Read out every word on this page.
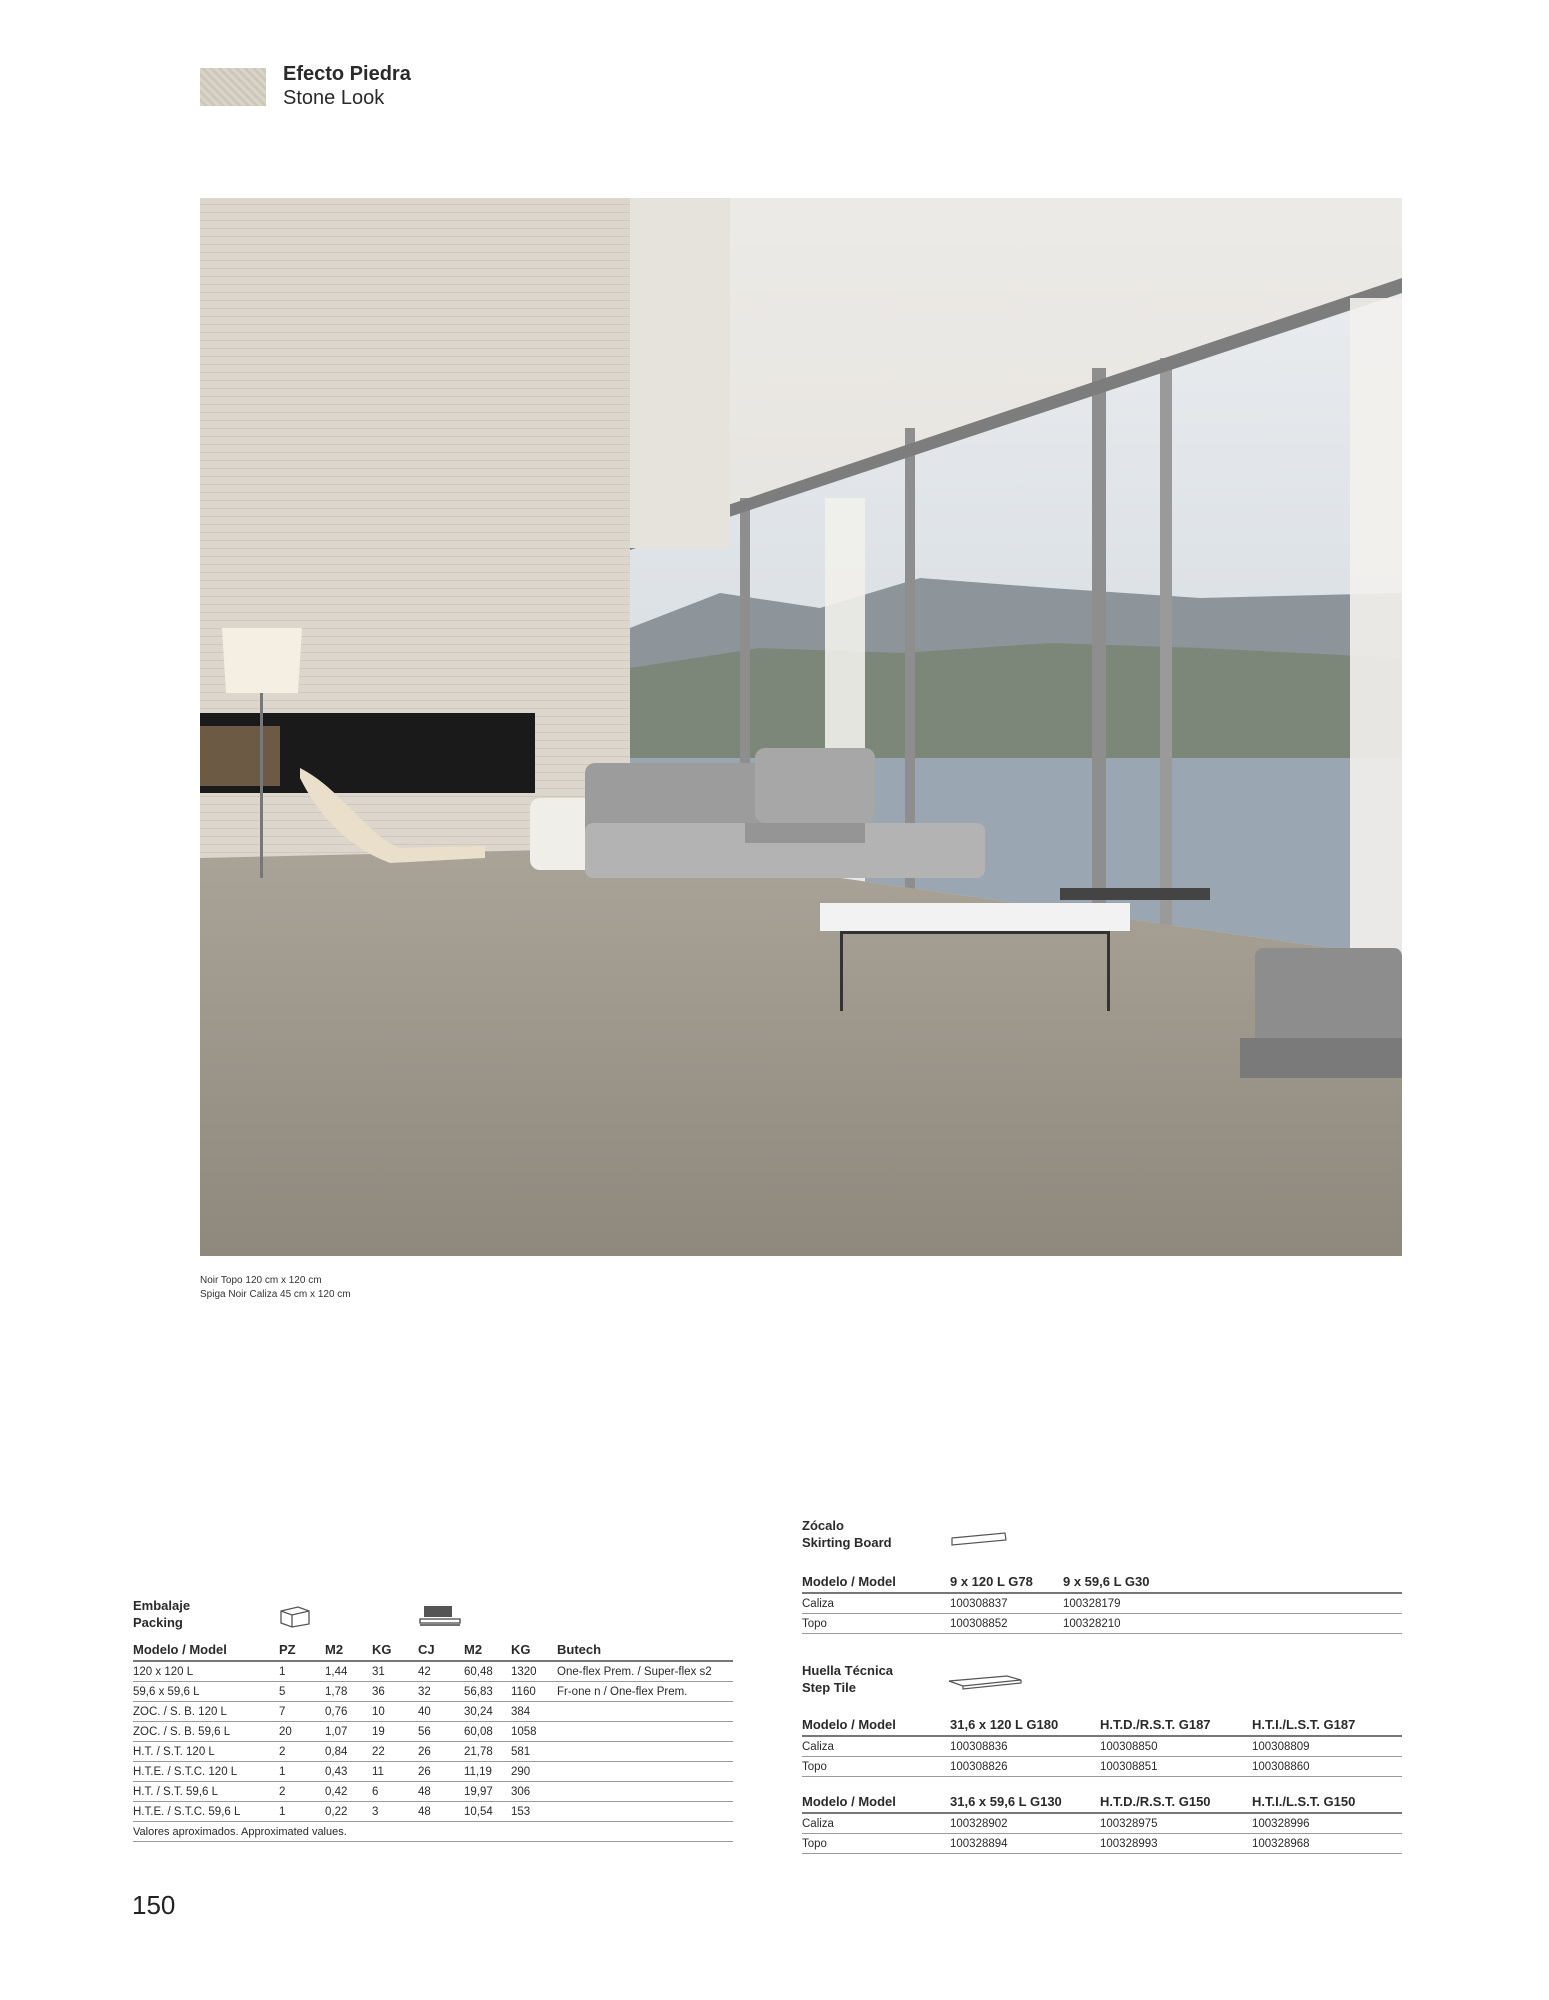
Efecto Piedra
Stone Look
Noir Topo 120 cm x 120 cm
Spiga Noir Caliza 45 cm x 120 cm
Embalaje
Packing
Modelo / Model	PZ	M2	KG	CJ	M2	KG	Butech
120 x 120 L	1	1,44	31	42	60,48	1320	One-flex Prem. / Super-flex s2
59,6 x 59,6 L	5	1,78	36	32	56,83	1160	Fr-one n / One-flex Prem.
ZOC. / S. B. 120 L	7	0,76	10	40	30,24	384	
ZOC. / S. B. 59,6 L	20	1,07	19	56	60,08	1058	
H.T. / S.T. 120 L	2	0,84	22	26	21,78	581	
H.T.E. / S.T.C. 120 L	1	0,43	11	26	11,19	290	
H.T. / S.T. 59,6 L	2	0,42	6	48	19,97	306	
H.T.E. / S.T.C. 59,6 L	1	0,22	3	48	10,54	153	
Valores aproximados. Approximated values.							
Zócalo
Skirting Board
Modelo / Model	9 x 120 L G78	9 x 59,6 L G30
Caliza	100308837	100328179
Topo	100308852	100328210
Huella Técnica
Step Tile
Modelo / Model	31,6 x 120 L G180	H.T.D./R.S.T. G187	H.T.I./L.S.T. G187
Caliza	100308836	100308850	100308809
Topo	100308826	100308851	100308860
Modelo / Model	31,6 x 59,6 L G130	H.T.D./R.S.T. G150	H.T.I./L.S.T. G150
Caliza	100328902	100328975	100328996
Topo	100328894	100328993	100328968
150
